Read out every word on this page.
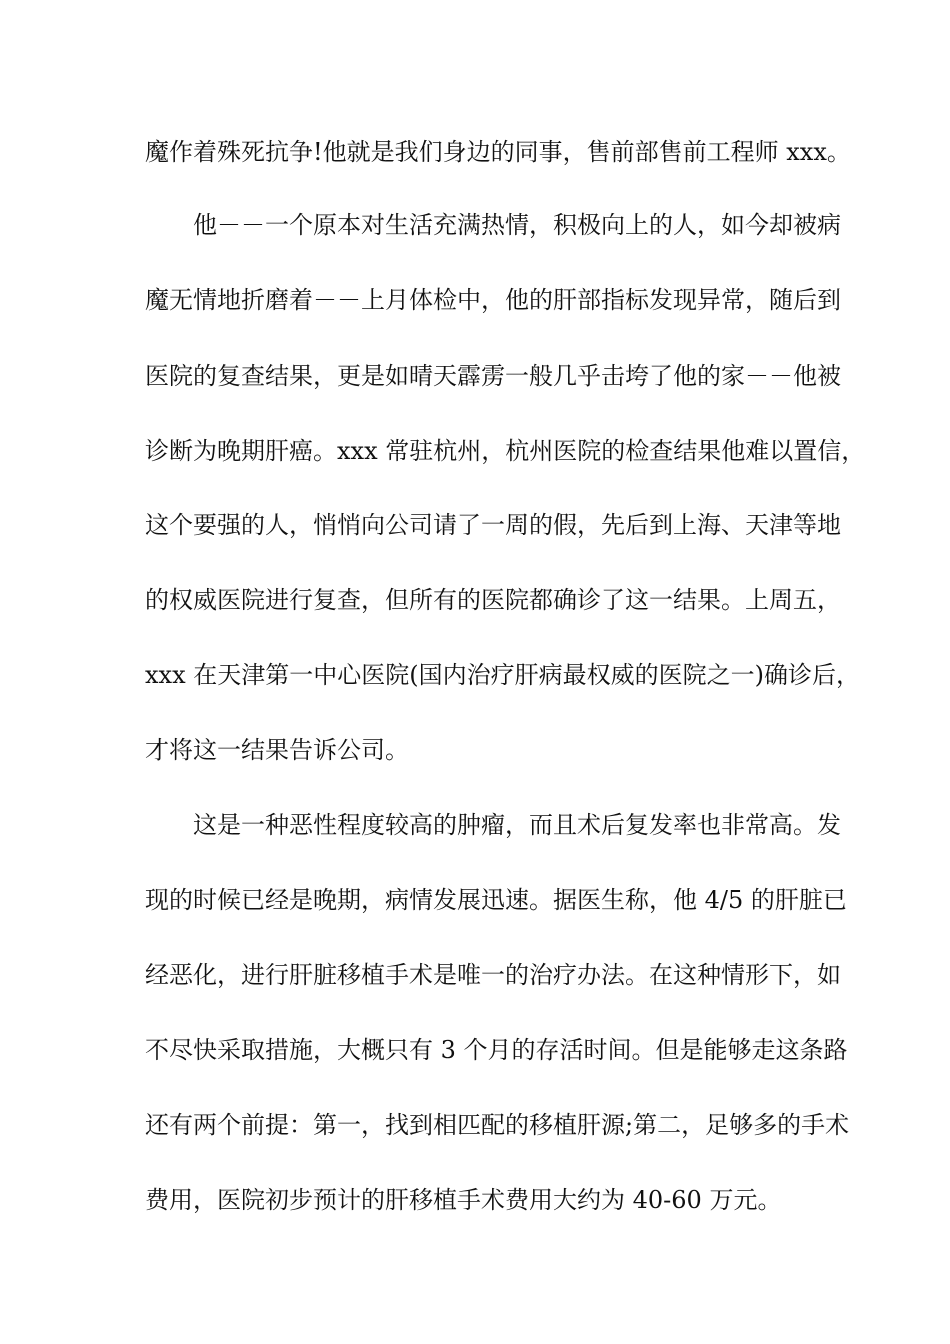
魔作着殊死抗争!他就是我们身边的同事，售前部售前工程师 xxx。
他－－一个原本对生活充满热情，积极向上的人，如今却被病
魔无情地折磨着－－上月体检中，他的肝部指标发现异常，随后到
医院的复查结果，更是如晴天霹雳一般几乎击垮了他的家－－他被
诊断为晚期肝癌。xxx 常驻杭州，杭州医院的检查结果他难以置信，
这个要强的人，悄悄向公司请了一周的假，先后到上海、天津等地
的权威医院进行复查，但所有的医院都确诊了这一结果。上周五，
xxx 在天津第一中心医院(国内治疗肝病最权威的医院之一)确诊后，
才将这一结果告诉公司。
这是一种恶性程度较高的肿瘤，而且术后复发率也非常高。发
现的时候已经是晚期，病情发展迅速。据医生称，他 4/5 的肝脏已
经恶化，进行肝脏移植手术是唯一的治疗办法。在这种情形下，如
不尽快采取措施，大概只有 3 个月的存活时间。但是能够走这条路
还有两个前提：第一，找到相匹配的移植肝源;第二，足够多的手术
费用，医院初步预计的肝移植手术费用大约为 40-60 万元。
